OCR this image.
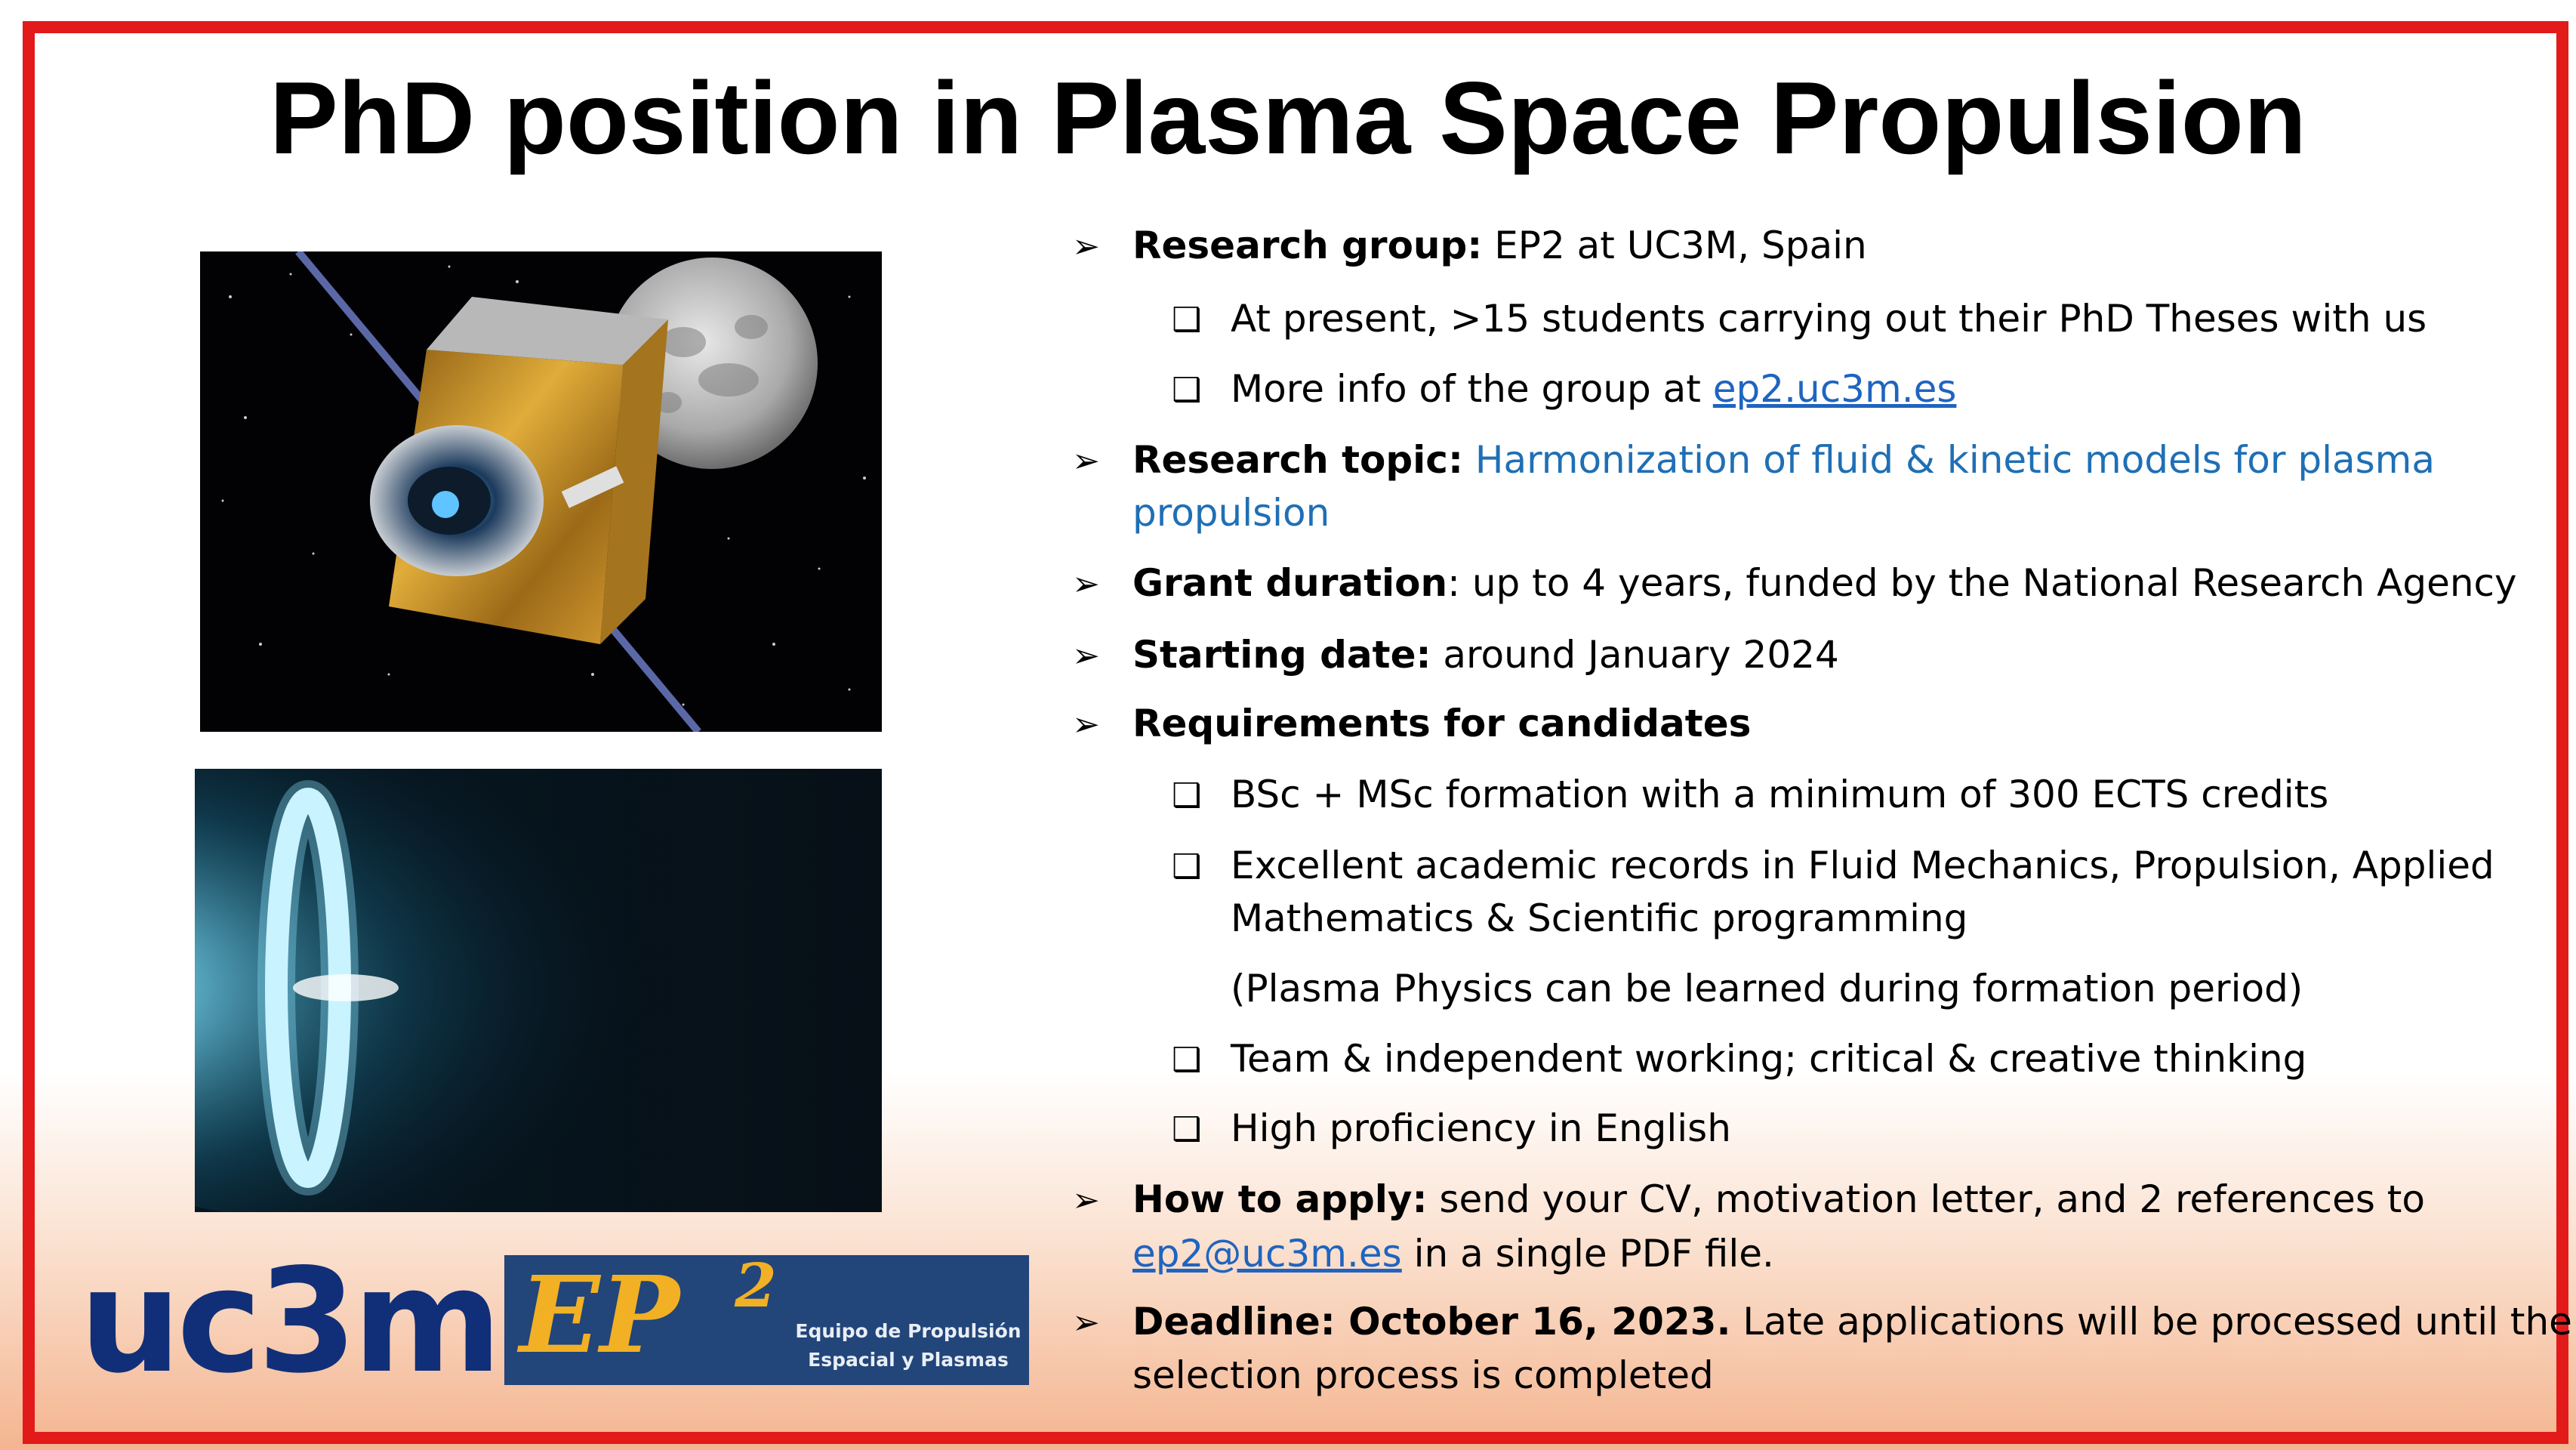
PhD position in Plasma Space Propulsion
uc3m EP 2
Equipo de Propulsión
Espacial y Plasmas
➢ Research group: EP2 at UC3M, Spain
❑ At present, >15 students carrying out their PhD Theses with us
❑ More info of the group at ep2.uc3m.es
➢ Research topic: Harmonization of fluid & kinetic models for plasma
propulsion
➢ Grant duration: up to 4 years, funded by the National Research Agency
➢ Starting date: around January 2024
➢ Requirements for candidates
❑ BSc + MSc formation with a minimum of 300 ECTS credits
❑ Excellent academic records in Fluid Mechanics, Propulsion, Applied
Mathematics & Scientific programming
(Plasma Physics can be learned during formation period)
❑ Team & independent working; critical & creative thinking
❑ High proficiency in English
➢ How to apply: send your CV, motivation letter, and 2 references to
ep2@uc3m.es in a single PDF file.
➢ Deadline: October 16, 2023. Late applications will be processed until the
selection process is completed
